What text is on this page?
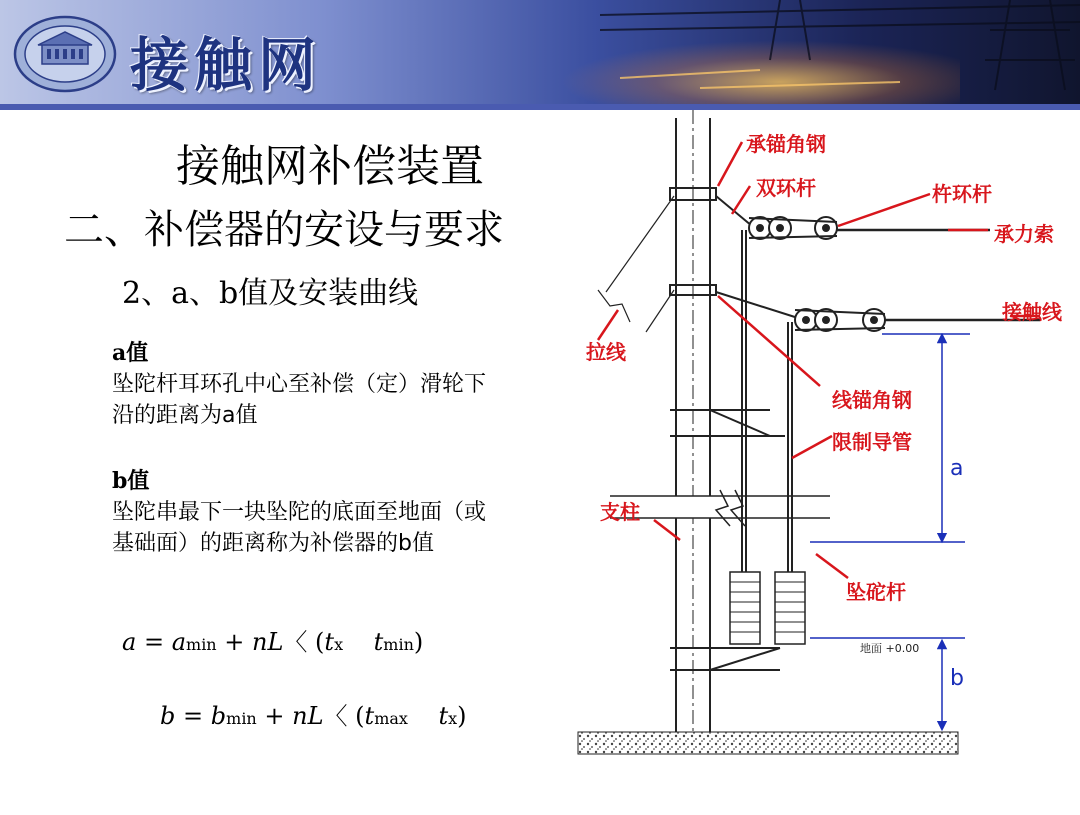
接触网
接触网补偿装置
二、补偿器的安设与要求
2、a、b值及安装曲线
a值
坠陀杆耳环孔中心至补偿（定）滑轮下沿的距离为a值
b值
坠陀串最下一块坠陀的底面至地面（或基础面）的距离称为补偿器的b值
a = amin + nL〈 (tx tmin)
b = bmin + nL〈 (tmax tx)
承锚角钢
双环杆	杵环杆
承力索
接触线
拉线
线锚角钢
限制导管
支柱
坠砣杆
a
b
地面 +0.00
